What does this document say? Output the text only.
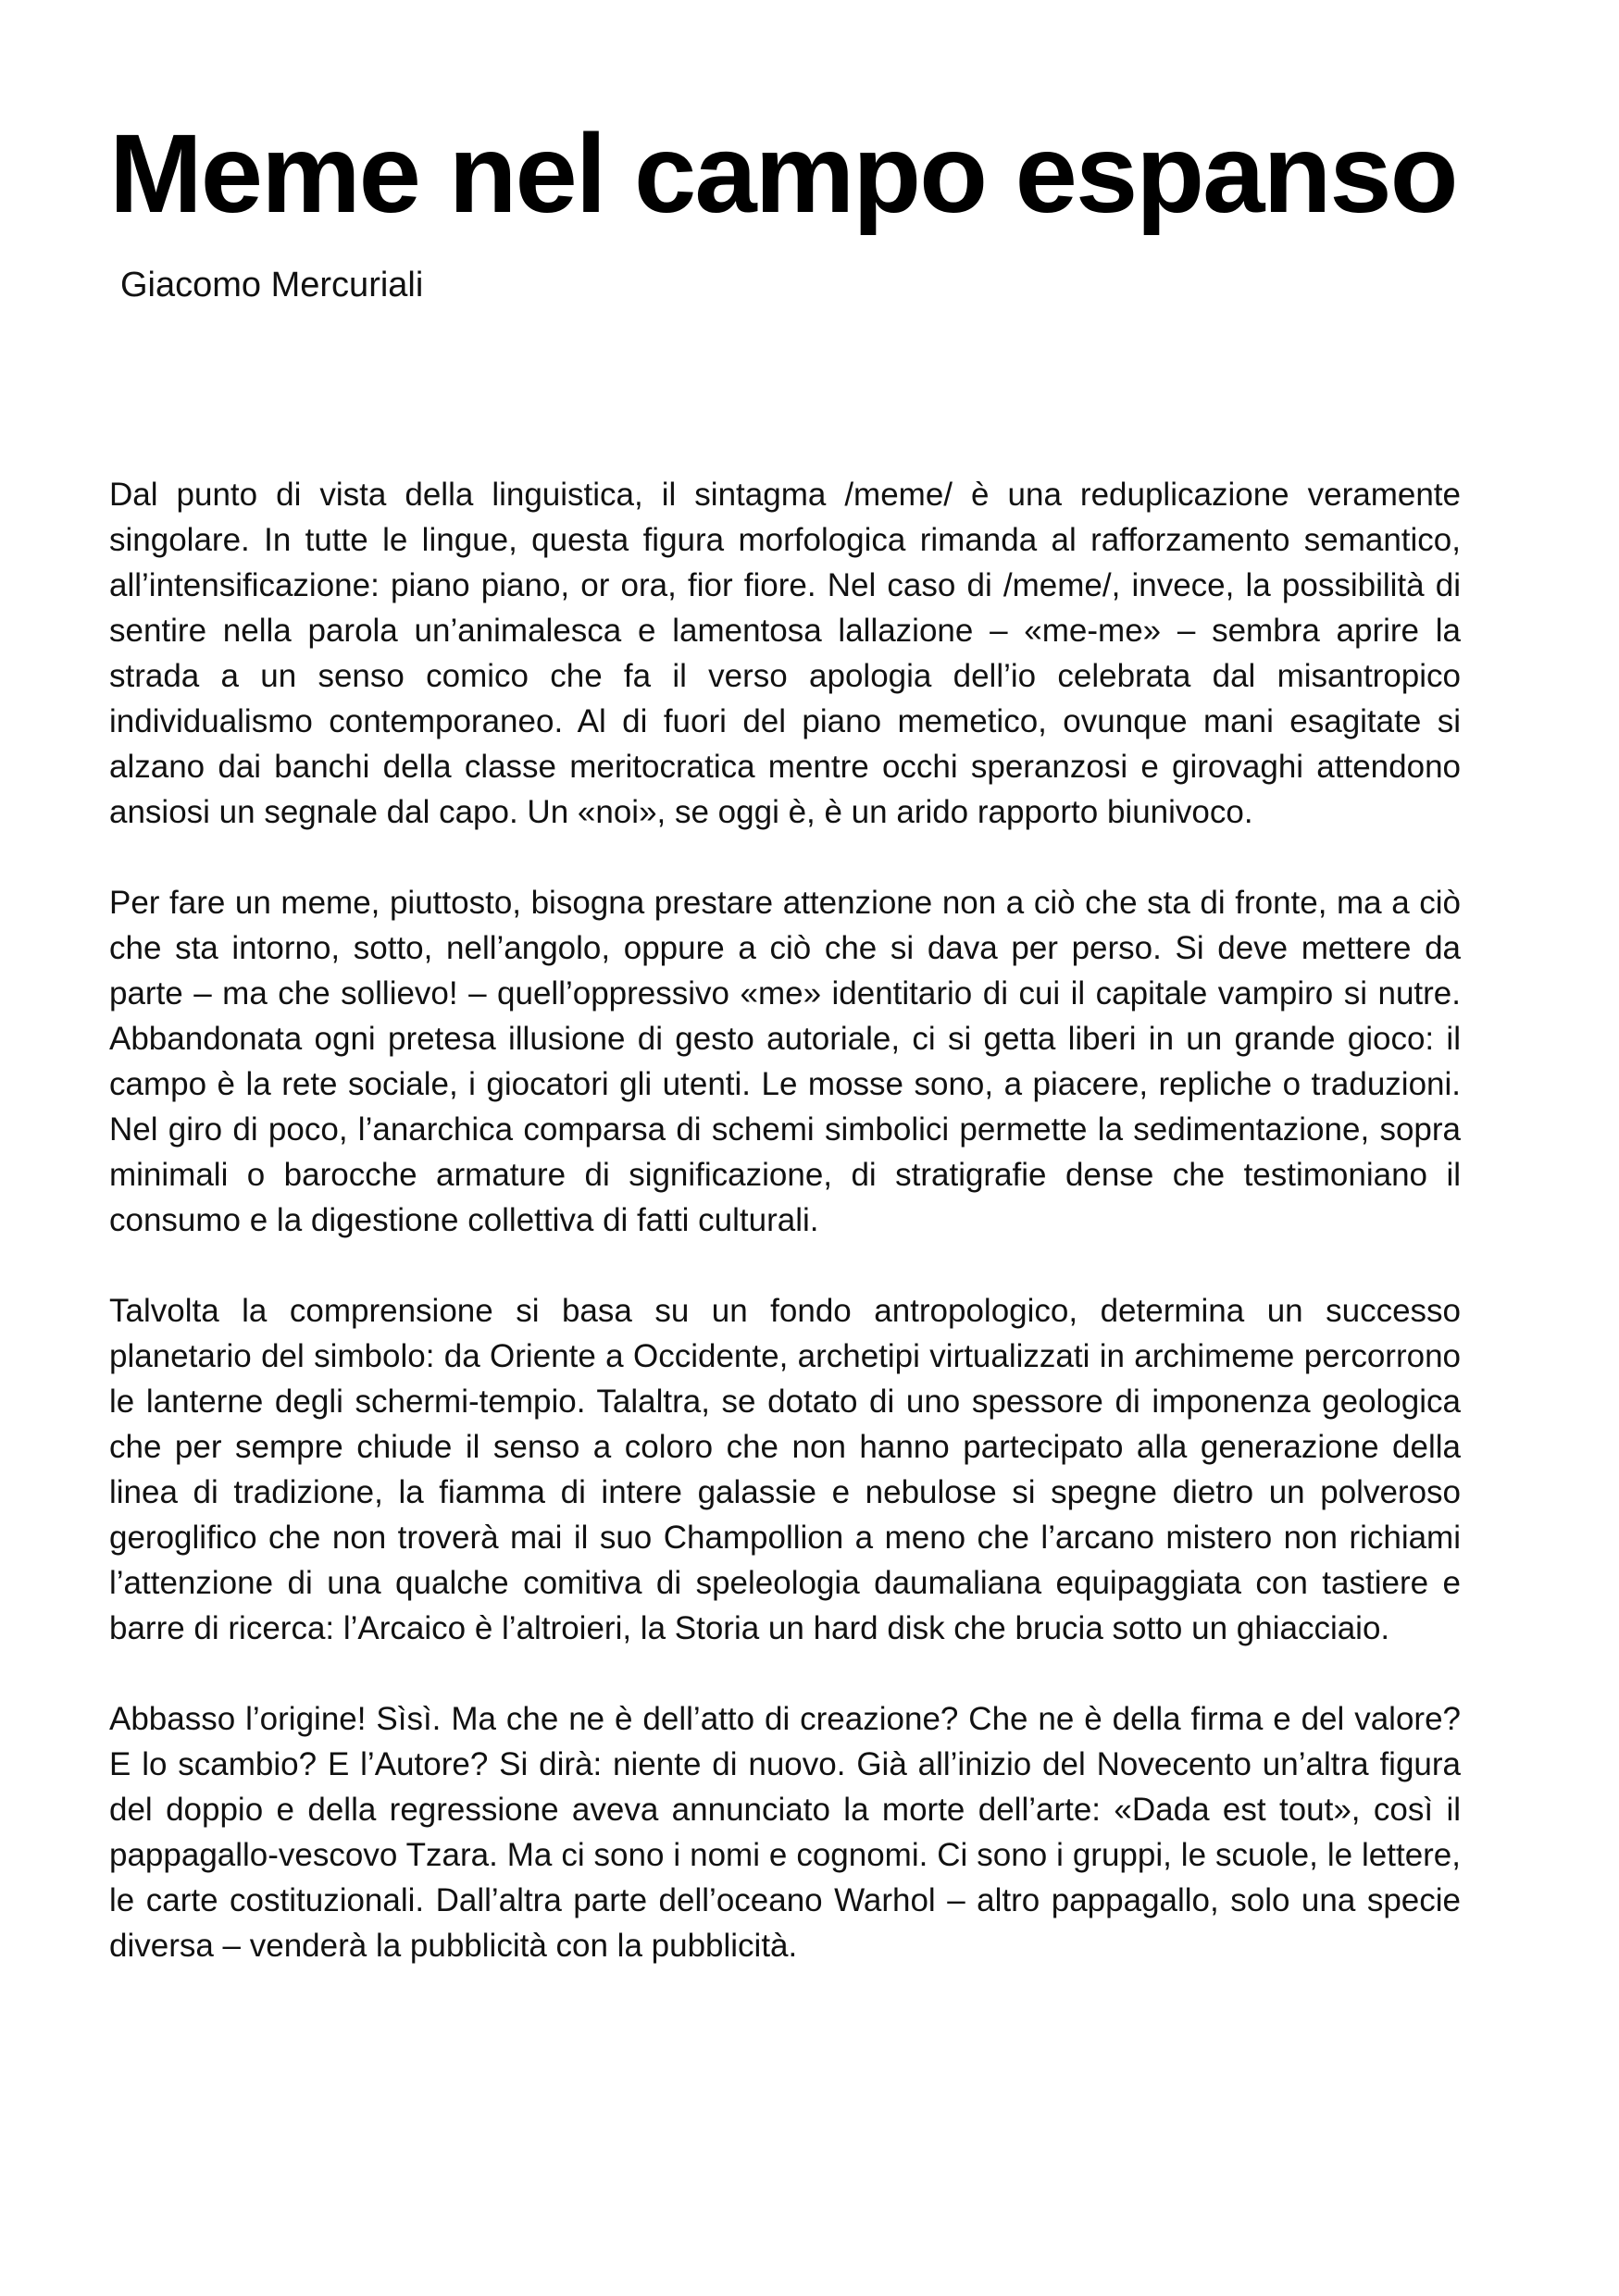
Meme nel campo espanso

Giacomo Mercuriali

Dal punto di vista della linguistica, il sintagma /meme/ è una reduplicazione veramente singolare. In tutte le lingue, questa figura morfologica rimanda al rafforzamento semantico, all’intensificazione: piano piano, or ora, fior fiore. Nel caso di /meme/, invece, la possibilità di sentire nella parola un’animalesca e lamentosa lallazione – «me-me» – sembra aprire la strada a un senso comico che fa il verso apologia dell’io celebrata dal misantropico individualismo contemporaneo. Al di fuori del piano memetico, ovunque mani esagitate si alzano dai banchi della classe meritocratica mentre occhi speranzosi e girovaghi attendono ansiosi un segnale dal capo. Un «noi», se oggi è, è un arido rapporto biunivoco.

Per fare un meme, piuttosto, bisogna prestare attenzione non a ciò che sta di fronte, ma a ciò che sta intorno, sotto, nell’angolo, oppure a ciò che si dava per perso. Si deve mettere da parte – ma che sollievo! – quell’oppressivo «me» identitario di cui il capitale vampiro si nutre. Abbandonata ogni pretesa illusione di gesto autoriale, ci si getta liberi in un grande gioco: il campo è la rete sociale, i giocatori gli utenti. Le mosse sono, a piacere, repliche o traduzioni. Nel giro di poco, l’anarchica comparsa di schemi simbolici permette la sedimentazione, sopra minimali o barocche armature di significazione, di stratigrafie dense che testimoniano il consumo e la digestione collettiva di fatti culturali.

Talvolta la comprensione si basa su un fondo antropologico, determina un successo planetario del simbolo: da Oriente a Occidente, archetipi virtualizzati in archimeme percorrono le lanterne degli schermi-tempio. Talaltra, se dotato di uno spessore di imponenza geologica che per sempre chiude il senso a coloro che non hanno partecipato alla generazione della linea di tradizione, la fiamma di intere galassie e nebulose si spegne dietro un polveroso geroglifico che non troverà mai il suo Champollion a meno che l’arcano mistero non richiami l’attenzione di una qualche comitiva di speleologia daumaliana equipaggiata con tastiere e barre di ricerca: l’Arcaico è l’altroieri, la Storia un hard disk che brucia sotto un ghiacciaio.

Abbasso l’origine! Sìsì. Ma che ne è dell’atto di creazione? Che ne è della firma e del valore? E lo scambio? E l’Autore? Si dirà: niente di nuovo. Già all’inizio del Novecento un’altra figura del doppio e della regressione aveva annunciato la morte dell’arte: «Dada est tout», così il pappagallo-vescovo Tzara. Ma ci sono i nomi e cognomi. Ci sono i gruppi, le scuole, le lettere, le carte costituzionali. Dall’altra parte dell’oceano Warhol – altro pappagallo, solo una specie diversa – venderà la pubblicità con la pubblicità.
